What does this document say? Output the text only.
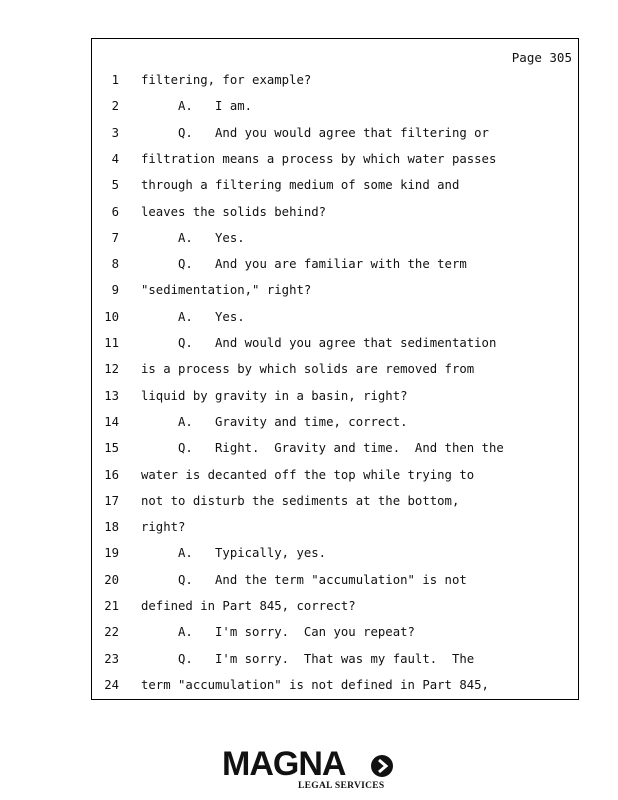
Page 305
1 filtering, for example?
2 A.   I am.
3 Q.   And you would agree that filtering or
4 filtration means a process by which water passes
5 through a filtering medium of some kind and
6 leaves the solids behind?
7 A.   Yes.
8 Q.   And you are familiar with the term
9 "sedimentation," right?
10 A.   Yes.
11 Q.   And would you agree that sedimentation
12 is a process by which solids are removed from
13 liquid by gravity in a basin, right?
14 A.   Gravity and time, correct.
15 Q.   Right.  Gravity and time.  And then the
16 water is decanted off the top while trying to
17 not to disturb the sediments at the bottom,
18 right?
19 A.   Typically, yes.
20 Q.   And the term "accumulation" is not
21 defined in Part 845, correct?
22 A.   I'm sorry.  Can you repeat?
23 Q.   I'm sorry.  That was my fault.  The
24 term "accumulation" is not defined in Part 845,
MAGNA
LEGAL SERVICES
